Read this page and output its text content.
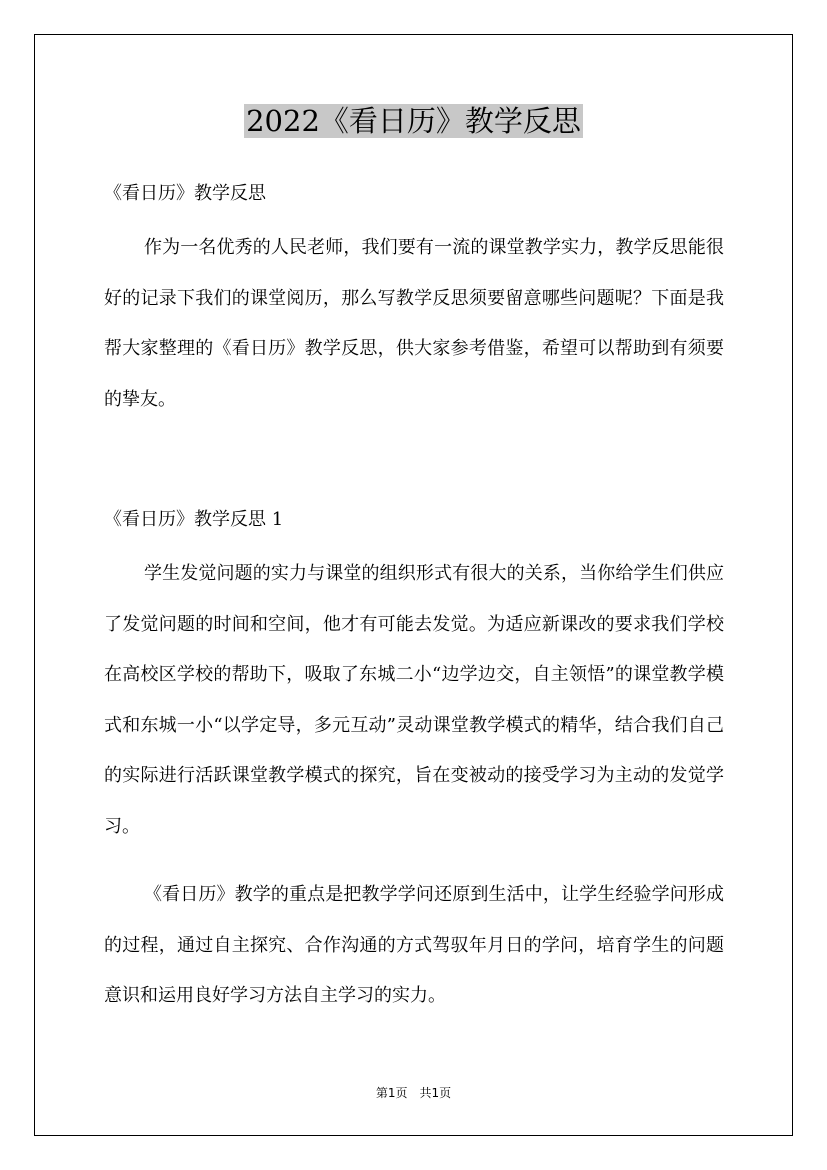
2022《看日历》教学反思
《看日历》教学反思
作为一名优秀的人民老师，我们要有一流的课堂教学实力，教学反思能很好的记录下我们的课堂阅历，那么写教学反思须要留意哪些问题呢？下面是我帮大家整理的《看日历》教学反思，供大家参考借鉴，希望可以帮助到有须要的挚友。
《看日历》教学反思 1
学生发觉问题的实力与课堂的组织形式有很大的关系，当你给学生们供应了发觉问题的时间和空间，他才有可能去发觉。为适应新课改的要求我们学校在高校区学校的帮助下，吸取了东城二小“边学边交，自主领悟”的课堂教学模式和东城一小“以学定导，多元互动”灵动课堂教学模式的精华，结合我们自己的实际进行活跃课堂教学模式的探究，旨在变被动的接受学习为主动的发觉学习。
《看日历》教学的重点是把教学学问还原到生活中，让学生经验学问形成的过程，通过自主探究、合作沟通的方式驾驭年月日的学问，培育学生的问题意识和运用良好学习方法自主学习的实力。
第1页　共1页
